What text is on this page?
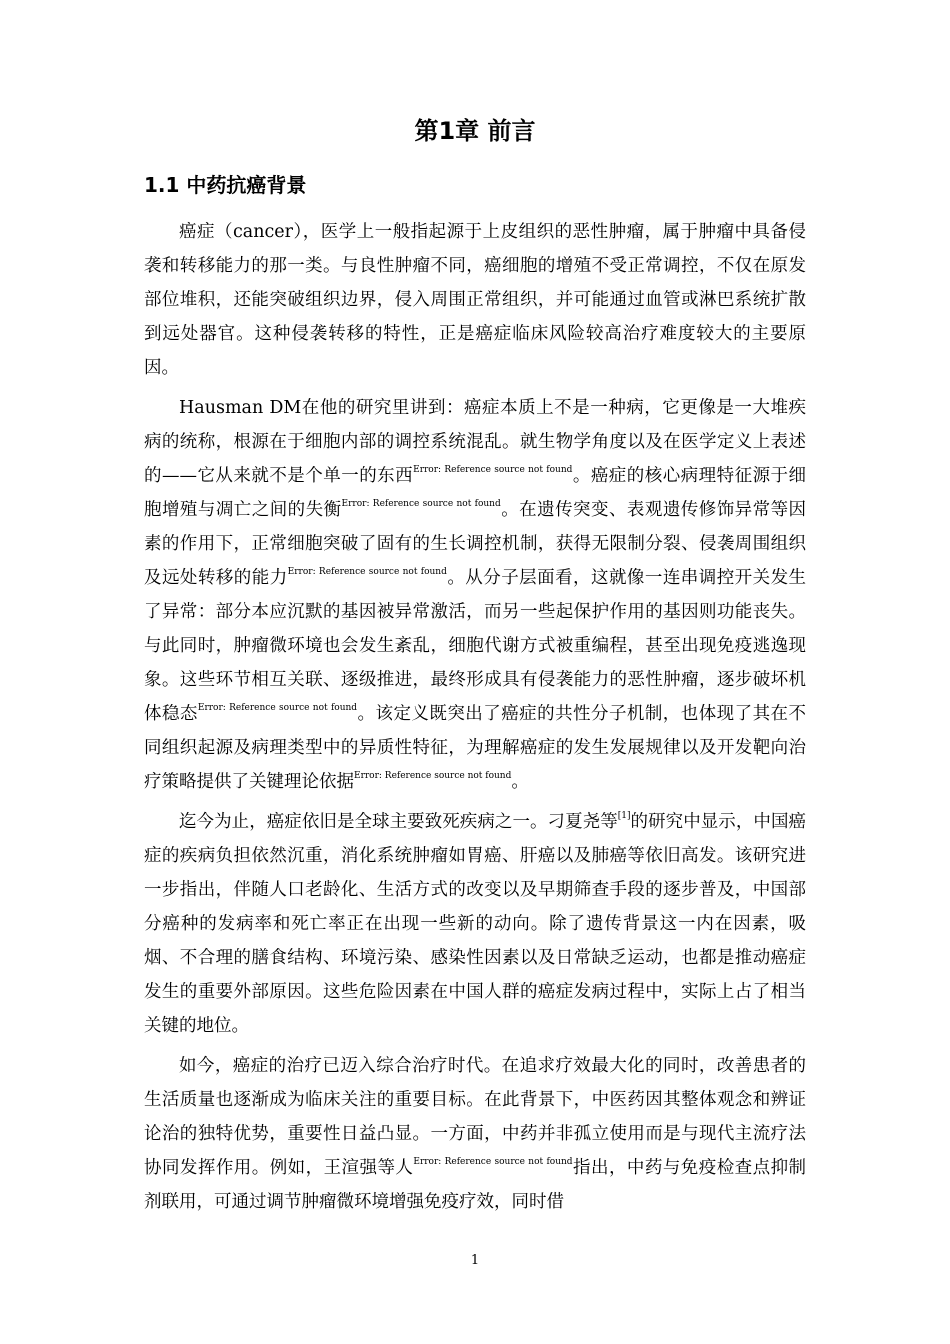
第1章 前言
1.1 中药抗癌背景

癌症（cancer），医学上一般指起源于上皮组织的恶性肿瘤，属于肿瘤中具备侵袭和转移能力的那一类。与良性肿瘤不同，癌细胞的增殖不受正常调控，不仅在原发部位堆积，还能突破组织边界，侵入周围正常组织，并可能通过血管或淋巴系统扩散到远处器官。这种侵袭转移的特性，正是癌症临床风险较高治疗难度较大的主要原因。

Hausman DM在他的研究里讲到：癌症本质上不是一种病，它更像是一大堆疾病的统称，根源在于细胞内部的调控系统混乱。就生物学角度以及在医学定义上表述的——它从来就不是个单一的东西$^{Error: Reference source not found}$。癌症的核心病理特征源于细胞增殖与凋亡之间的失衡$^{Error: Reference source not found}$。在遗传突变、表观遗传修饰异常等因素的作用下，正常细胞突破了固有的生长调控机制，获得无限制分裂、侵袭周围组织及远处转移的能力$^{Error: Reference source not found}$。从分子层面看，这就像一连串调控开关发生了异常：部分本应沉默的基因被异常激活，而另一些起保护作用的基因则功能丧失。与此同时，肿瘤微环境也会发生紊乱，细胞代谢方式被重编程，甚至出现免疫逃逸现象。这些环节相互关联、逐级推进，最终形成具有侵袭能力的恶性肿瘤，逐步破坏机体稳态$^{Error: Reference source not found}$。该定义既突出了癌症的共性分子机制，也体现了其在不同组织起源及病理类型中的异质性特征，为理解癌症的发生发展规律以及开发靶向治疗策略提供了关键理论依据$^{Error: Reference source not found}$。

迄今为止，癌症依旧是全球主要致死疾病之一。刁夏尧等[1]的研究中显示，中国癌症的疾病负担依然沉重，消化系统肿瘤如胃癌、肝癌以及肺癌等依旧高发。该研究进一步指出，伴随人口老龄化、生活方式的改变以及早期筛查手段的逐步普及，中国部分癌种的发病率和死亡率正在出现一些新的动向。除了遗传背景这一内在因素，吸烟、不合理的膳食结构、环境污染、感染性因素以及日常缺乏运动，也都是推动癌症发生的重要外部原因。这些危险因素在中国人群的癌症发病过程中，实际上占了相当关键的地位。

如今，癌症的治疗已迈入综合治疗时代。在追求疗效最大化的同时，改善患者的生活质量也逐渐成为临床关注的重要目标。在此背景下，中医药因其整体观念和辨证论治的独特优势，重要性日益凸显。一方面，中药并非孤立使用而是与现代主流疗法协同发挥作用。例如，王渲强等人$^{Error: Reference source not found}$指出，中药与免疫检查点抑制剂联用，可通过调节肿瘤微环境增强免疫疗效，同时借

1
